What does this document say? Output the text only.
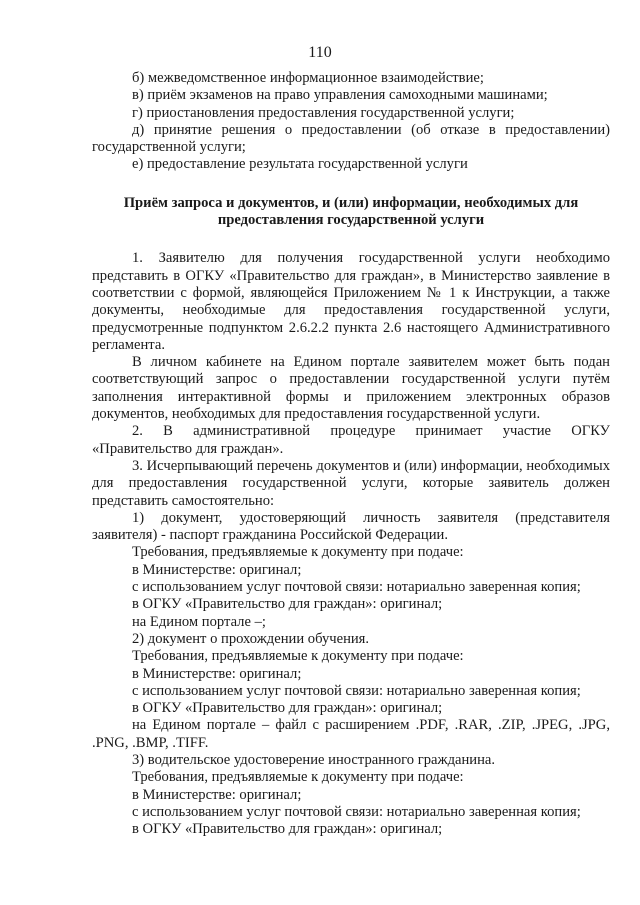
110

б) межведомственное информационное взаимодействие;

в) приём экзаменов на право управления самоходными машинами;

г) приостановления предоставления государственной услуги;

д) принятие решения о предоставлении (об отказе в предоставлении) государственной услуги;

е) предоставление результата государственной услуги

Приём запроса и документов, и (или) информации, необходимых для предоставления государственной услуги

1. Заявителю для получения государственной услуги необходимо представить в ОГКУ «Правительство для граждан», в Министерство заявление в соответствии с формой, являющейся Приложением № 1 к Инструкции, а также документы, необходимые для предоставления государственной услуги, предусмотренные подпунктом 2.6.2.2 пункта 2.6 настоящего Административного регламента.

В личном кабинете на Едином портале заявителем может быть подан соответствующий запрос о предоставлении государственной услуги путём заполнения интерактивной формы и приложением электронных образов документов, необходимых для предоставления государственной услуги.

2. В административной процедуре принимает участие ОГКУ «Правительство для граждан».

3. Исчерпывающий перечень документов и (или) информации, необходимых для предоставления государственной услуги, которые заявитель должен представить самостоятельно:

1) документ, удостоверяющий личность заявителя (представителя заявителя) - паспорт гражданина Российской Федерации.

Требования, предъявляемые к документу при подаче:

в Министерстве: оригинал;

с использованием услуг почтовой связи: нотариально заверенная копия;

в ОГКУ «Правительство для граждан»: оригинал;

на Едином портале –;

2) документ о прохождении обучения.

Требования, предъявляемые к документу при подаче:

в Министерстве: оригинал;

с использованием услуг почтовой связи: нотариально заверенная копия;

в ОГКУ «Правительство для граждан»: оригинал;

на Едином портале – файл с расширением .PDF, .RAR, .ZIP, .JPEG, .JPG, .PNG, .BMP, .TIFF.

3) водительское удостоверение иностранного гражданина.

Требования, предъявляемые к документу при подаче:

в Министерстве: оригинал;

с использованием услуг почтовой связи: нотариально заверенная копия;

в ОГКУ «Правительство для граждан»: оригинал;
